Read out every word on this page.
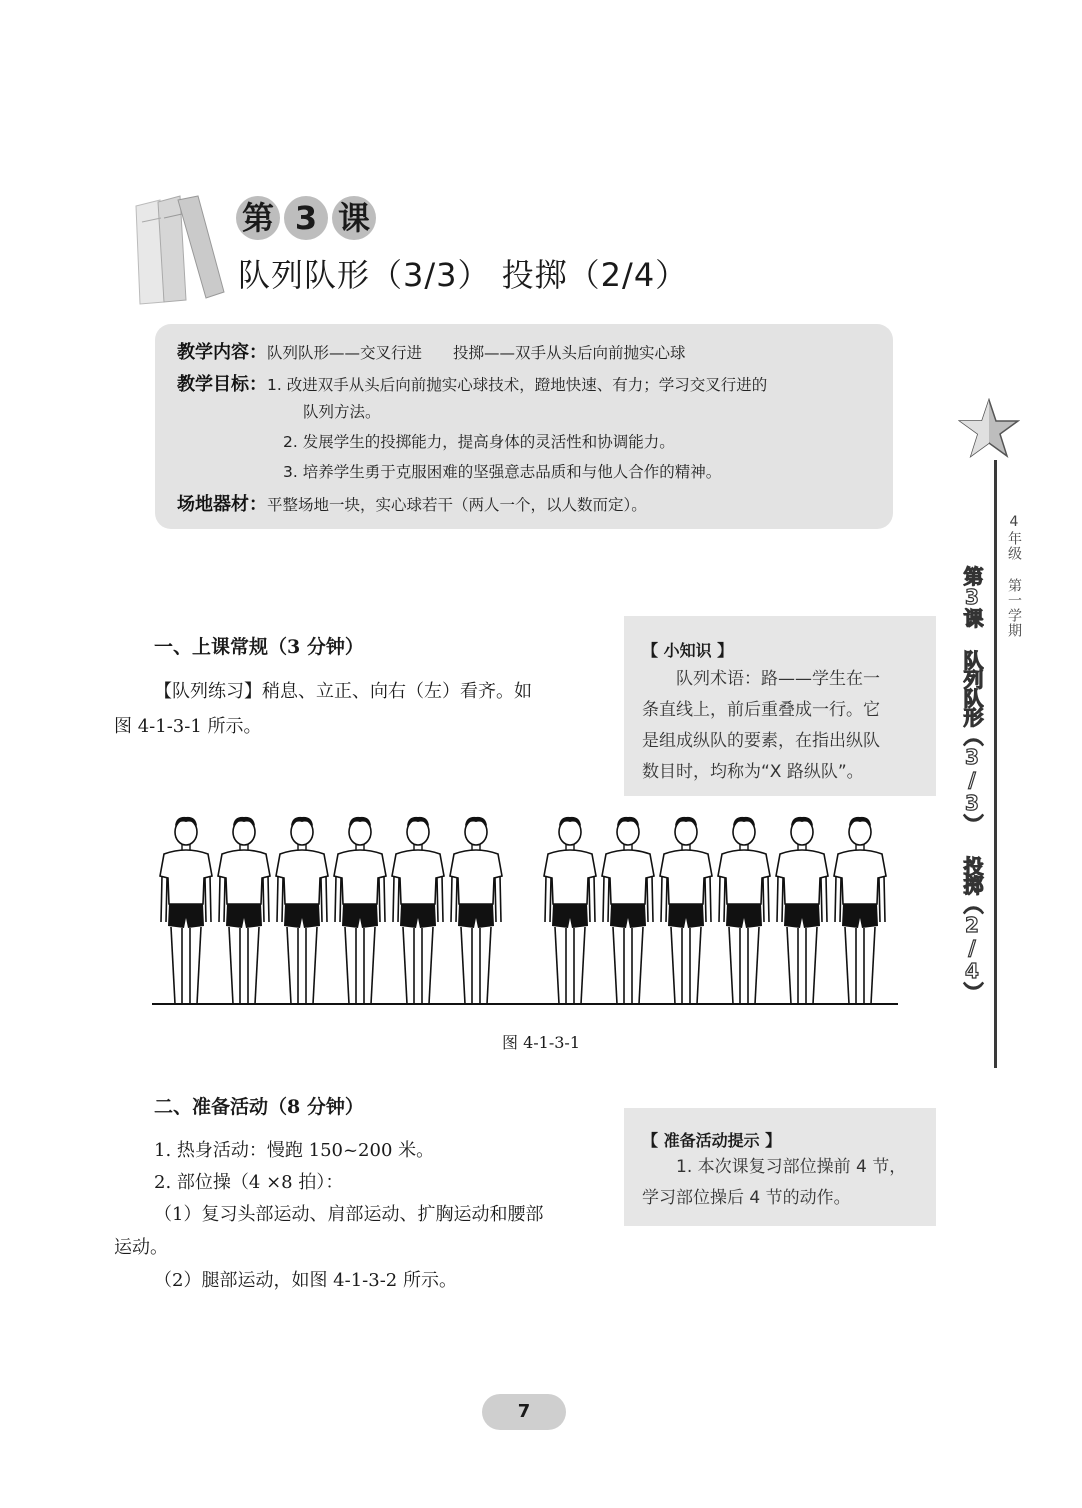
第 3 课
队列队形（3/3） 投掷（2/4）
教学内容：队列队形——交叉行进　　投掷——双手从头后向前抛实心球
教学目标：1. 改进双手从头后向前抛实心球技术，蹬地快速、有力；学习交叉行进的
队列方法。
2. 发展学生的投掷能力，提高身体的灵活性和协调能力。
3. 培养学生勇于克服困难的坚强意志品质和与他人合作的精神。
场地器材：平整场地一块，实心球若干（两人一个，以人数而定）。
4年级 第一学期
第3课 队列队形（3/3） 投掷（2/4）
一、上课常规（3 分钟）
【队列练习】稍息、立正、向右（左）看齐。如
图 4-1-3-1 所示。
【 小知识 】

队列术语：路——学生在一

条直线上，前后重叠成一行。它

是组成纵队的要素，在指出纵队

数目时，均称为“X 路纵队”。

图 4-1-3-1
二、准备活动（8 分钟）
1. 热身活动：慢跑 150~200 米。
2. 部位操（4 ×8 拍）：
（1）复习头部运动、肩部运动、扩胸运动和腰部
运动。
（2）腿部运动，如图 4-1-3-2 所示。
【 准备活动提示 】

1. 本次课复习部位操前 4 节，

学习部位操后 4 节的动作。

7
